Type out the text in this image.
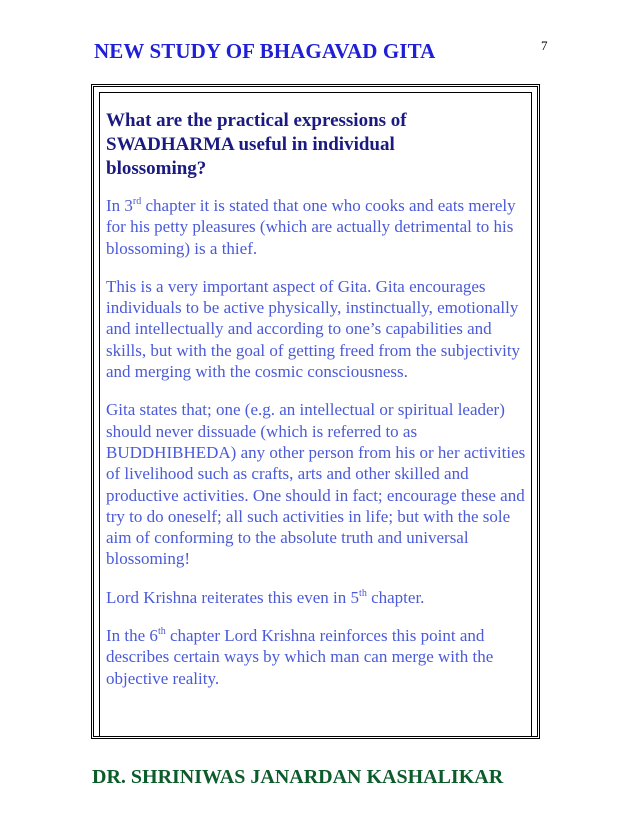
NEW STUDY OF BHAGAVAD GITA	7
What are the practical expressions of
SWADHARMA useful in individual
blossoming?

In 3rd chapter it is stated that one who cooks and eats merely for his petty pleasures (which are actually detrimental to his blossoming) is a thief.

This is a very important aspect of Gita. Gita encourages individuals to be active physically, instinctually, emotionally and intellectually and according to one’s capabilities and skills, but with the goal of getting freed from the subjectivity and merging with the cosmic consciousness.

Gita states that; one (e.g. an intellectual or spiritual leader) should never dissuade (which is referred to as BUDDHIBHEDA) any other person from his or her activities of livelihood such as crafts, arts and other skilled and productive activities. One should in fact; encourage these and try to do oneself; all such activities in life; but with the sole aim of conforming to the absolute truth and universal blossoming!

Lord Krishna reiterates this even in 5th chapter.

In the 6th chapter Lord Krishna reinforces this point and describes certain ways by which man can merge with the objective reality.

DR. SHRINIWAS JANARDAN KASHALIKAR
